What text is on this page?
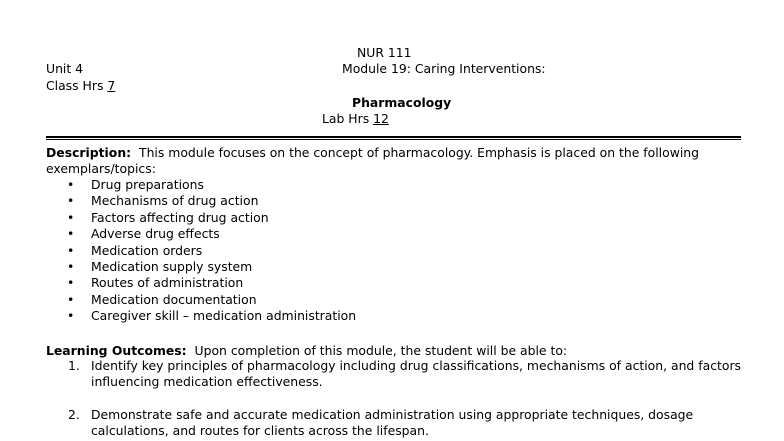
NUR 111
Unit 4	Module 19: Caring Interventions:
Class Hrs 7
Pharmacology
Lab Hrs 12
Description: This module focuses on the concept of pharmacology. Emphasis is placed on the following exemplars/topics:
• Drug preparations
• Mechanisms of drug action
• Factors affecting drug action
• Adverse drug effects
• Medication orders
• Medication supply system
• Routes of administration
• Medication documentation
• Caregiver skill – medication administration
Learning Outcomes: Upon completion of this module, the student will be able to:
1. Identify key principles of pharmacology including drug classifications, mechanisms of action, and factors influencing medication effectiveness.
2. Demonstrate safe and accurate medication administration using appropriate techniques, dosage calculations, and routes for clients across the lifespan.
